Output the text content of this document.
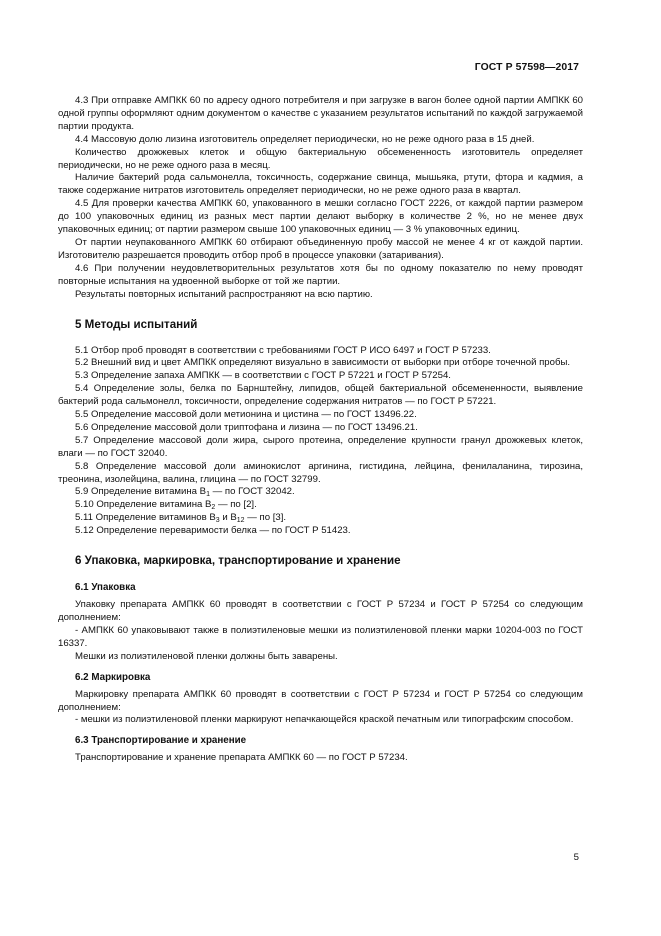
ГОСТ Р 57598—2017

4.3 При отправке АМПКК 60 по адресу одного потребителя и при загрузке в вагон более одной партии АМПКК 60 одной группы оформляют одним документом о качестве с указанием результатов испытаний по каждой загружаемой партии продукта.

4.4 Массовую долю лизина изготовитель определяет периодически, но не реже одного раза в 15 дней.

Количество дрожжевых клеток и общую бактериальную обсемененность изготовитель определяет периодически, но не реже одного раза в месяц.

Наличие бактерий рода сальмонелла, токсичность, содержание свинца, мышьяка, ртути, фтора и кадмия, а также содержание нитратов изготовитель определяет периодически, но не реже одного раза в квартал.

4.5 Для проверки качества АМПКК 60, упакованного в мешки согласно ГОСТ 2226, от каждой партии размером до 100 упаковочных единиц из разных мест партии делают выборку в количестве 2 %, но не менее двух упаковочных единиц; от партии размером свыше 100 упаковочных единиц — 3 % упаковочных единиц.

От партии неупакованного АМПКК 60 отбирают объединенную пробу массой не менее 4 кг от каждой партии. Изготовителю разрешается проводить отбор проб в процессе упаковки (затаривания).

4.6 При получении неудовлетворительных результатов хотя бы по одному показателю по нему проводят повторные испытания на удвоенной выборке от той же партии.

Результаты повторных испытаний распространяют на всю партию.

5 Методы испытаний

5.1 Отбор проб проводят в соответствии с требованиями ГОСТ Р ИСО 6497 и ГОСТ Р 57233.

5.2 Внешний вид и цвет АМПКК определяют визуально в зависимости от выборки при отборе точечной пробы.

5.3 Определение запаха АМПКК — в соответствии с ГОСТ Р 57221 и ГОСТ Р 57254.

5.4 Определение золы, белка по Барнштейну, липидов, общей бактериальной обсемененности, выявление бактерий рода сальмонелл, токсичности, определение содержания нитратов — по ГОСТ Р 57221.

5.5 Определение массовой доли метионина и цистина — по ГОСТ 13496.22.

5.6 Определение массовой доли триптофана и лизина — по ГОСТ 13496.21.

5.7 Определение массовой доли жира, сырого протеина, определение крупности гранул дрожжевых клеток, влаги — по ГОСТ 32040.

5.8 Определение массовой доли аминокислот аргинина, гистидина, лейцина, фенилаланина, тирозина, треонина, изолейцина, валина, глицина — по ГОСТ 32799.

5.9 Определение витамина $B_1$ — по ГОСТ 32042.

5.10 Определение витамина $B_2$ — по [2].

5.11 Определение витаминов $B_3$ и $B_{12}$ — по [3].

5.12 Определение переваримости белка — по ГОСТ Р 51423.

6 Упаковка, маркировка, транспортирование и хранение
6.1 Упаковка

Упаковку препарата АМПКК 60 проводят в соответствии с ГОСТ Р 57234 и ГОСТ Р 57254 со следующим дополнением:

- АМПКК 60 упаковывают также в полиэтиленовые мешки из полиэтиленовой пленки марки 10204-003 по ГОСТ 16337.

Мешки из полиэтиленовой пленки должны быть заварены.

6.2 Маркировка

Маркировку препарата АМПКК 60 проводят в соответствии с ГОСТ Р 57234 и ГОСТ Р 57254 со следующим дополнением:

- мешки из полиэтиленовой пленки маркируют непачкающейся краской печатным или типографским способом.

6.3 Транспортирование и хранение

Транспортирование и хранение препарата АМПКК 60 — по ГОСТ Р 57234.

5
